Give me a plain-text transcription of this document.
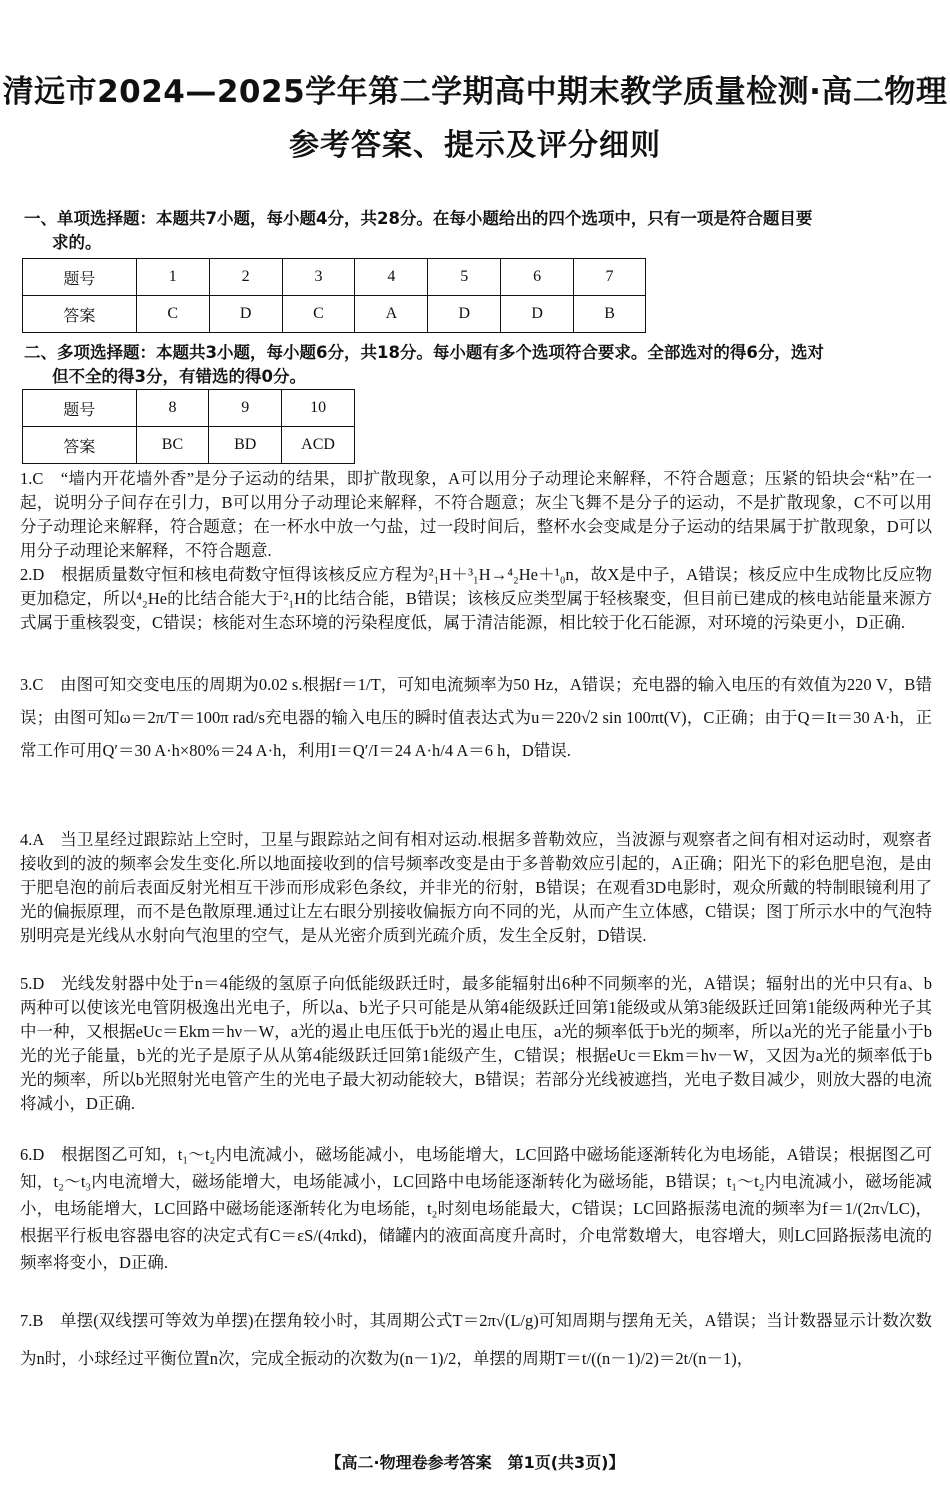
清远市2024—2025学年第二学期高中期末教学质量检测·高二物理
参考答案、提示及评分细则
一、单项选择题：本题共7小题，每小题4分，共28分。在每小题给出的四个选项中，只有一项是符合题目要
求的。
题号	1	2	3	4	5	6	7
答案	C	D	C	A	D	D	B
二、多项选择题：本题共3小题，每小题6分，共18分。每小题有多个选项符合要求。全部选对的得6分，选对
但不全的得3分，有错选的得0分。
题号	8	9	10
答案	BC	BD	ACD

1.C　“墙内开花墙外香”是分子运动的结果，即扩散现象，A可以用分子动理论来解释，不符合题意；压紧的铅块会“粘”在一起，说明分子间存在引力，B可以用分子动理论来解释，不符合题意；灰尘飞舞不是分子的运动，不是扩散现象，C不可以用分子动理论来解释，符合题意；在一杯水中放一勺盐，过一段时间后，整杯水会变咸是分子运动的结果属于扩散现象，D可以用分子动理论来解释，不符合题意.

2.D　根据质量数守恒和核电荷数守恒得该核反应方程为²₁H＋³₁H→⁴₂He＋¹₀n，故X是中子，A错误；核反应中生成物比反应物更加稳定，所以⁴₂He的比结合能大于²₁H的比结合能，B错误；该核反应类型属于轻核聚变，但目前已建成的核电站能量来源方式属于重核裂变，C错误；核能对生态环境的污染程度低，属于清洁能源，相比较于化石能源，对环境的污染更小，D正确.

3.C　由图可知交变电压的周期为0.02 s.根据f＝1/T，可知电流频率为50 Hz，A错误；充电器的输入电压的有效值为220 V，B错误；由图可知ω＝2π/T＝100π rad/s充电器的输入电压的瞬时值表达式为u＝220√2 sin 100πt(V)，C正确；由于Q＝It＝30 A·h，正常工作可用Q′＝30 A·h×80%＝24 A·h，利用I＝Q′/I＝24 A·h/4 A＝6 h，D错误.

4.A　当卫星经过跟踪站上空时，卫星与跟踪站之间有相对运动.根据多普勒效应，当波源与观察者之间有相对运动时，观察者接收到的波的频率会发生变化.所以地面接收到的信号频率改变是由于多普勒效应引起的，A正确；阳光下的彩色肥皂泡，是由于肥皂泡的前后表面反射光相互干涉而形成彩色条纹，并非光的衍射，B错误；在观看3D电影时，观众所戴的特制眼镜利用了光的偏振原理，而不是色散原理.通过让左右眼分别接收偏振方向不同的光，从而产生立体感，C错误；图丁所示水中的气泡特别明亮是光线从水射向气泡里的空气，是从光密介质到光疏介质，发生全反射，D错误.

5.D　光线发射器中处于n＝4能级的氢原子向低能级跃迁时，最多能辐射出6种不同频率的光，A错误；辐射出的光中只有a、b两种可以使该光电管阴极逸出光电子，所以a、b光子只可能是从第4能级跃迁回第1能级或从第3能级跃迁回第1能级两种光子其中一种，又根据eUc＝Ekm＝hν－W，a光的遏止电压低于b光的遏止电压，a光的频率低于b光的频率，所以a光的光子能量小于b光的光子能量，b光的光子是原子从从第4能级跃迁回第1能级产生，C错误；根据eUc＝Ekm＝hν－W，又因为a光的频率低于b光的频率，所以b光照射光电管产生的光电子最大初动能较大，B错误；若部分光线被遮挡，光电子数目减少，则放大器的电流将减小，D正确.

6.D　根据图乙可知，t₁～t₂内电流减小，磁场能减小，电场能增大，LC回路中磁场能逐渐转化为电场能，A错误；根据图乙可知，t₂～t₃内电流增大，磁场能增大，电场能减小，LC回路中电场能逐渐转化为磁场能，B错误；t₁～t₂内电流减小，磁场能减小，电场能增大，LC回路中磁场能逐渐转化为电场能，t₂时刻电场能最大，C错误；LC回路振荡电流的频率为f＝1/(2π√LC)，根据平行板电容器电容的决定式有C＝εS/(4πkd)，储罐内的液面高度升高时，介电常数增大，电容增大，则LC回路振荡电流的频率将变小，D正确.

7.B　单摆(双线摆可等效为单摆)在摆角较小时，其周期公式T＝2π√(L/g)可知周期与摆角无关，A错误；当计数器显示计数次数为n时，小球经过平衡位置n次，完成全振动的次数为(n－1)/2，单摆的周期T＝t/((n－1)/2)＝2t/(n－1)，

【高二·物理卷参考答案　第1页(共3页)】
